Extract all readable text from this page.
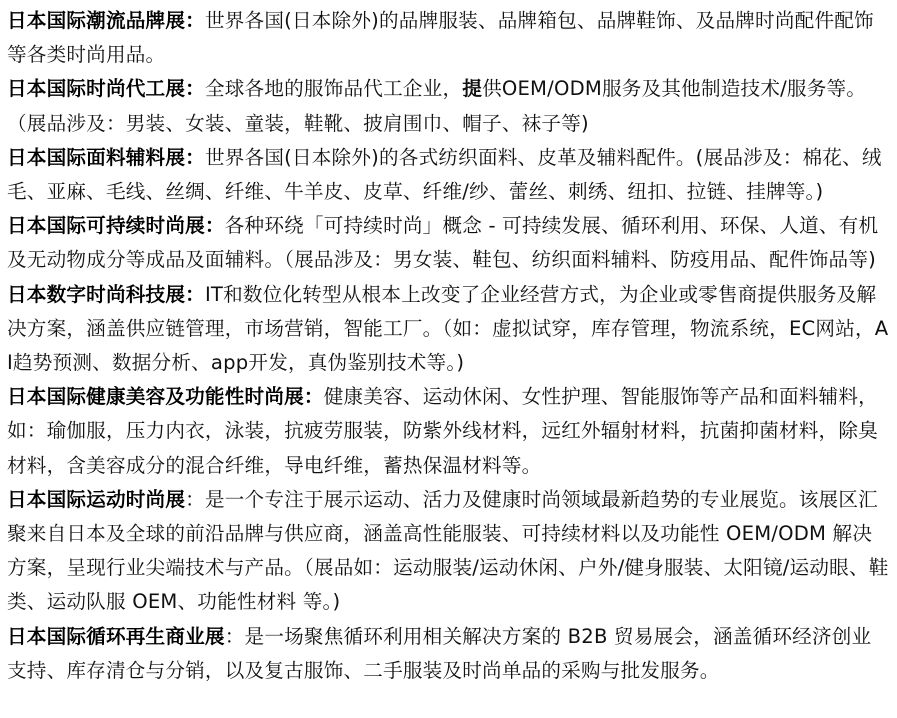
日本国际潮流品牌展：世界各国(日本除外)的品牌服装、品牌箱包、品牌鞋饰、及品牌时尚配件配饰等各类时尚用品。

日本国际时尚代工展：全球各地的服饰品代工企业，提供OEM/ODM服务及其他制造技术/服务等。
（展品涉及：男装、女装、童装，鞋靴、披肩围巾、帽子、袜子等)

日本国际面料辅料展：世界各国(日本除外)的各式纺织面料、皮革及辅料配件。(展品涉及：棉花、绒毛、亚麻、毛线、丝绸、纤维、牛羊皮、皮草、纤维/纱、蕾丝、刺绣、纽扣、拉链、挂牌等。)

日本国际可持续时尚展：各种环绕「可持续时尚」概念 - 可持续发展、循环利用、环保、人道、有机及无动物成分等成品及面辅料。（展品涉及：男女装、鞋包、纺织面料辅料、防疫用品、配件饰品等)

日本数字时尚科技展：IT和数位化转型从根本上改变了企业经营方式，为企业或零售商提供服务及解决方案，涵盖供应链管理，市场营销，智能工厂。（如：虚拟试穿，库存管理，物流系统，EC网站，AI趋势预测、数据分析、app开发，真伪鉴别技术等。)

日本国际健康美容及功能性时尚展：健康美容、运动休闲、女性护理、智能服饰等产品和面料辅料，如：瑜伽服，压力内衣，泳装，抗疲劳服装，防紫外线材料，远红外辐射材料，抗菌抑菌材料，除臭材料，含美容成分的混合纤维，导电纤维，蓄热保温材料等。

日本国际运动时尚展：是一个专注于展示运动、活力及健康时尚领域最新趋势的专业展览。该展区汇聚来自日本及全球的前沿品牌与供应商，涵盖高性能服装、可持续材料以及功能性 OEM/ODM 解决方案，呈现行业尖端技术与产品。（展品如：运动服装/运动休闲、户外/健身服装、太阳镜/运动眼、鞋类、运动队服 OEM、功能性材料 等。)

日本国际循环再生商业展：是一场聚焦循环利用相关解决方案的 B2B 贸易展会，涵盖循环经济创业支持、库存清仓与分销，以及复古服饰、二手服装及时尚单品的采购与批发服务。
